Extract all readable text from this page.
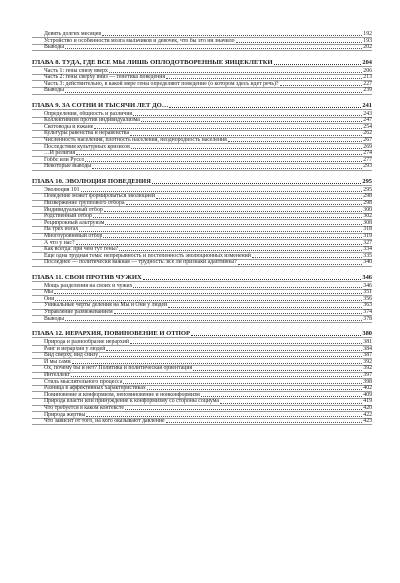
Девять долгих месяцев	192
Устройство и особенности мозга мальчиков и девочек, что бы это ни значило	193
Выводы	202
ГЛАВА 8. ТУДА, ГДЕ ВСЕ МЫ ЛИШЬ ОПЛОДОТВОРЕННЫЕ ЯЙЦЕКЛЕТКИ	204
Часть 1: гены снизу вверх	206
Часть 2: гены сверху вниз — генетика поведения	213
Часть 3: действительно, в какой мере гены определяют поведение (о котором здесь идет речь)?	227
Выводы	239
ГЛАВА 9. ЗА СОТНИ И ТЫСЯЧИ ЛЕТ ДО…	241
Определения, общность и различия	243
Коллективизм против индивидуализма	247
Скотоводы и южане	254
Культуры равенства и неравенства	262
Численность населения, плотность населения, неоднородность населения	267
Последствия культурных кризисов	269
…И религия	274
Гоббс или Руссо	277
Некоторые выводы	293
ГЛАВА 10. ЭВОЛЮЦИЯ ПОВЕДЕНИЯ	295
Эволюция 101	295
Поведение может формироваться эволюцией	298
Низвержение группового отбора	298
Индивидуальный отбор	300
Родственный отбор	302
Реципрокный альтруизм	308
На трех ногах	318
Многоуровневый отбор	319
А что у нас?	327
Как всегда: при чем тут гены?	334
Еще одна трудная тема: непрерывность и постепенность эволюционных изменений	335
Последнее — политически важная — трудность: все ли признаки адаптивны?	340
ГЛАВА 11. СВОИ ПРОТИВ ЧУЖИХ	346
Мощь разделения на своих и чужих	346
Мы	351
Они	356
Уникальные черты деления на Мы и Они у людей	363
Управление размежеванием	374
Выводы	378
ГЛАВА 12. ИЕРАРХИЯ, ПОВИНОВЕНИЕ И ОТПОР	380
Природа и разнообразие иерархий	381
Ранг и иерархия у людей	384
Вид сверху, вид снизу	387
И мы сами	392
Ох, почему бы и нет? Политика и политическая ориентация	392
Интеллект	397
Стиль мыслительного процесса	398
Разница в аффективных характеристиках	402
Повиновение и конформизм, неповиновение и нонконформизм	409
Природа власти или принуждение к конформизму со стороны социума	419
Что требуется в каком контексте	420
Природа жертвы	422
Что зависит от того, на кого оказывают давление	423
